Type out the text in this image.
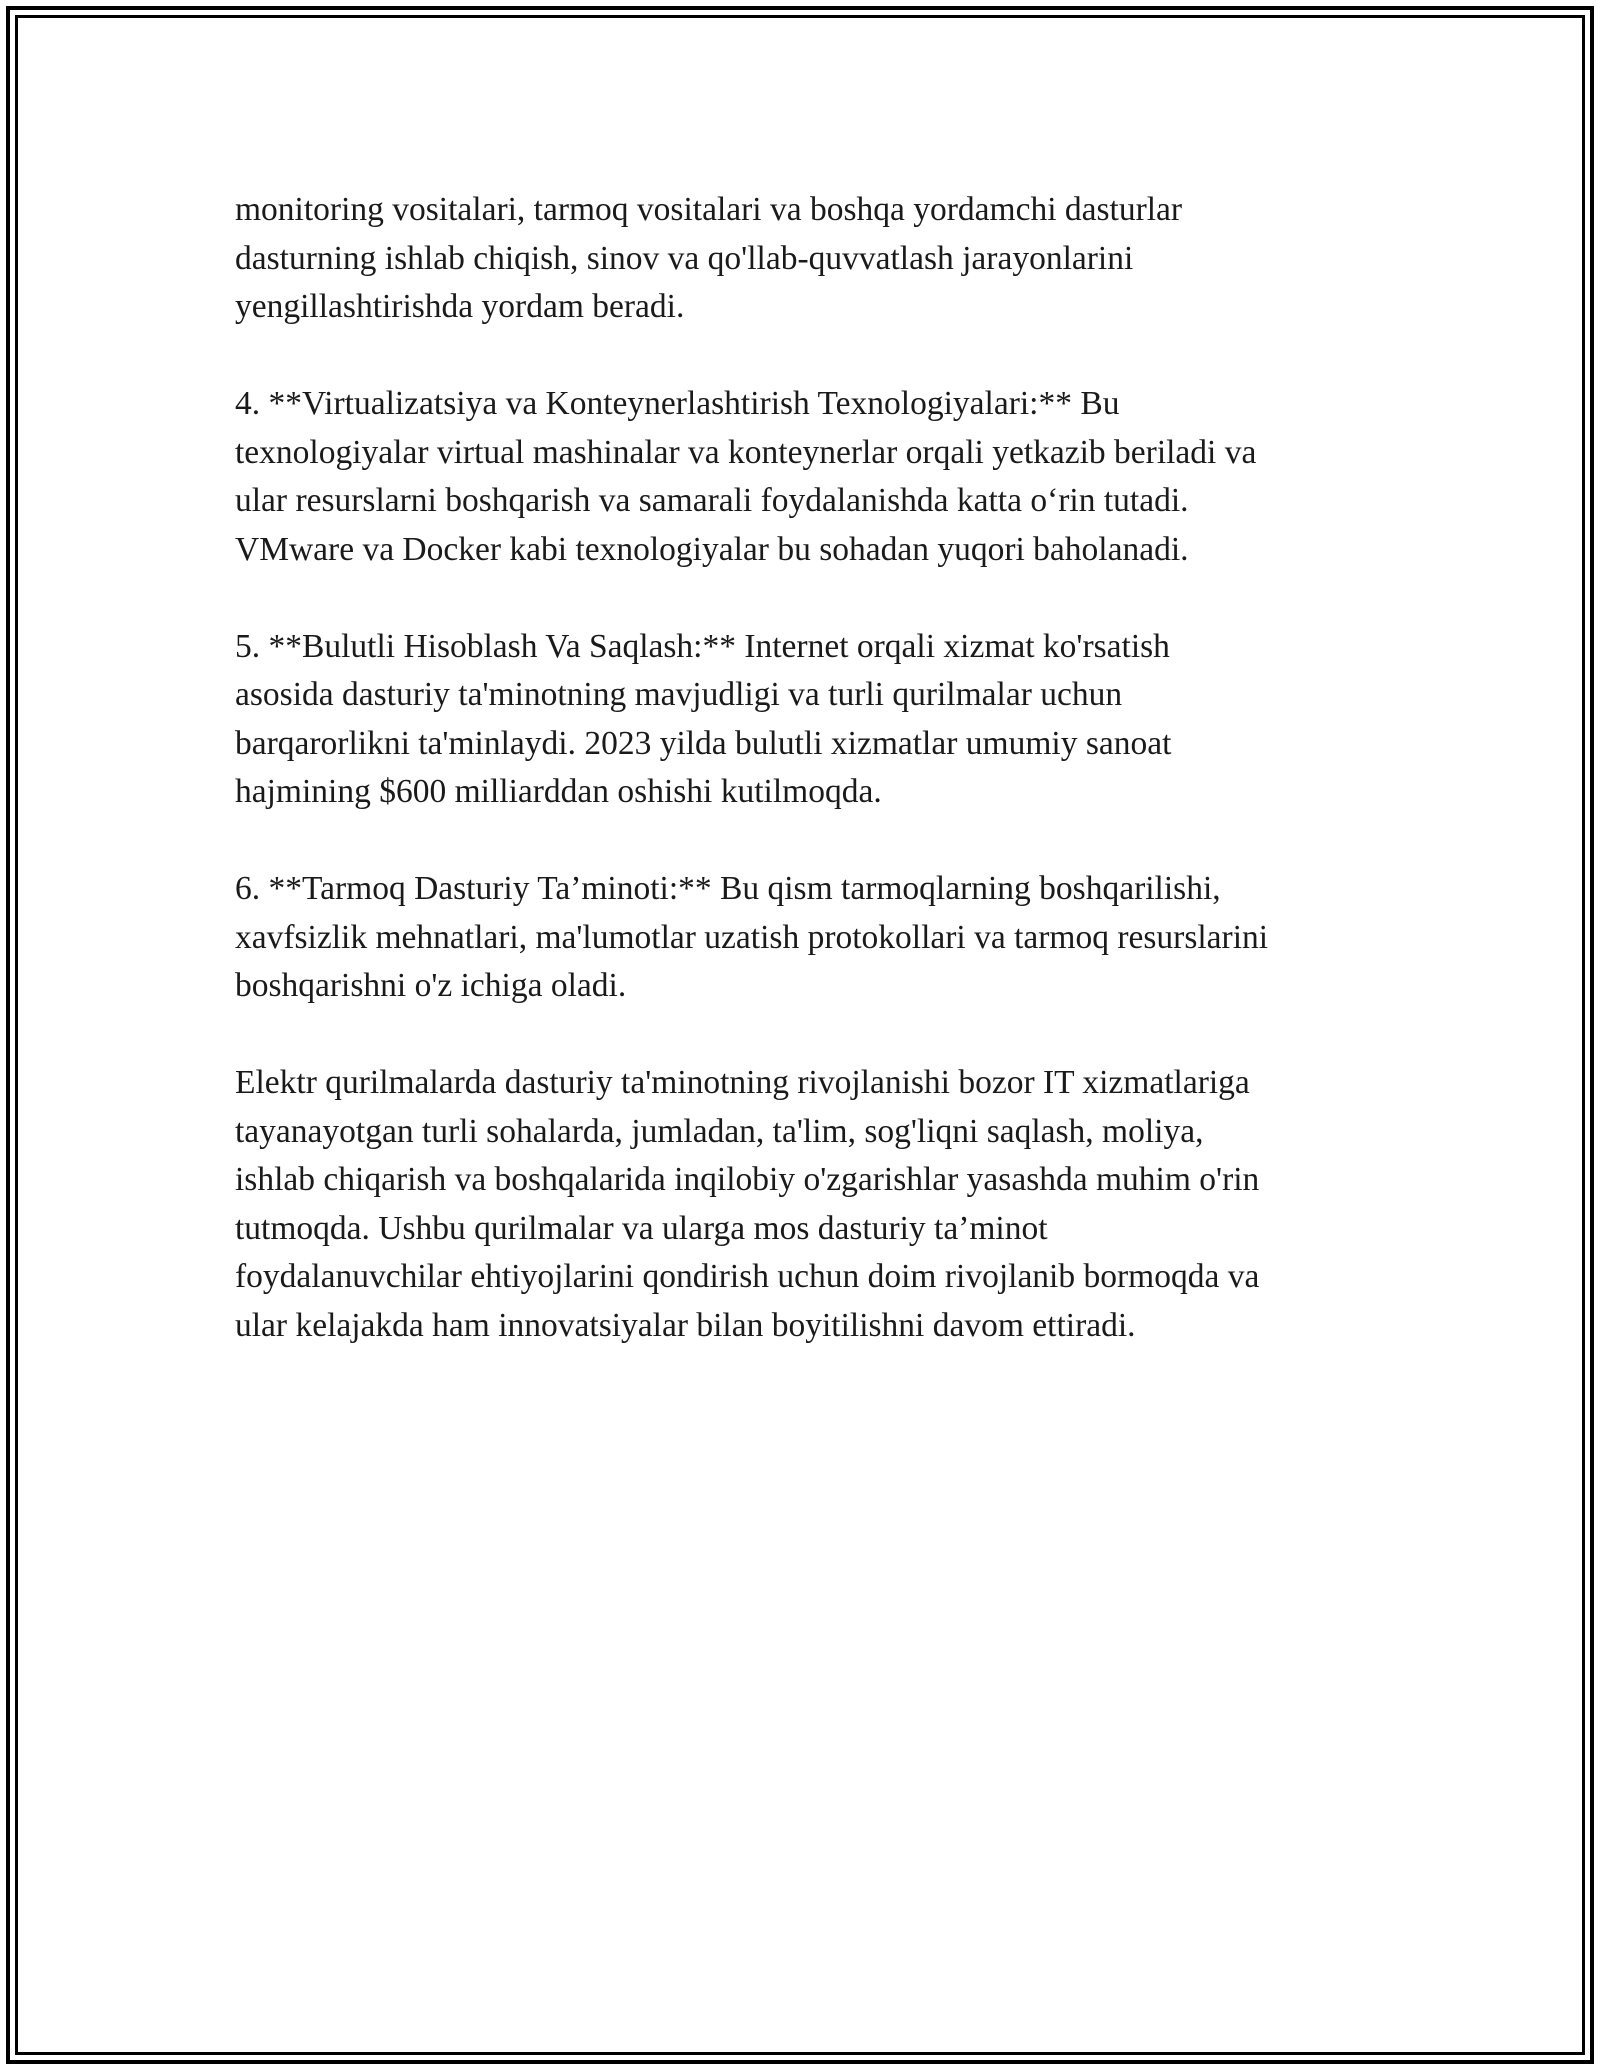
monitoring vositalari, tarmoq vositalari va boshqa yordamchi dasturlar
dasturning ishlab chiqish, sinov va qo'llab-quvvatlash jarayonlarini
yengillashtirishda yordam beradi.

4. **Virtualizatsiya va Konteynerlashtirish Texnologiyalari:** Bu
texnologiyalar virtual mashinalar va konteynerlar orqali yetkazib beriladi va
ular resurslarni boshqarish va samarali foydalanishda katta o‘rin tutadi.
VMware va Docker kabi texnologiyalar bu sohadan yuqori baholanadi.

5. **Bulutli Hisoblash Va Saqlash:** Internet orqali xizmat ko'rsatish
asosida dasturiy ta'minotning mavjudligi va turli qurilmalar uchun
barqarorlikni ta'minlaydi. 2023 yilda bulutli xizmatlar umumiy sanoat
hajmining $600 milliarddan oshishi kutilmoqda.

6. **Tarmoq Dasturiy Ta’minoti:** Bu qism tarmoqlarning boshqarilishi,
xavfsizlik mehnatlari, ma'lumotlar uzatish protokollari va tarmoq resurslarini
boshqarishni o'z ichiga oladi.

Elektr qurilmalarda dasturiy ta'minotning rivojlanishi bozor IT xizmatlariga
tayanayotgan turli sohalarda, jumladan, ta'lim, sog'liqni saqlash, moliya,
ishlab chiqarish va boshqalarida inqilobiy o'zgarishlar yasashda muhim o'rin
tutmoqda. Ushbu qurilmalar va ularga mos dasturiy ta’minot
foydalanuvchilar ehtiyojlarini qondirish uchun doim rivojlanib bormoqda va
ular kelajakda ham innovatsiyalar bilan boyitilishni davom ettiradi.
